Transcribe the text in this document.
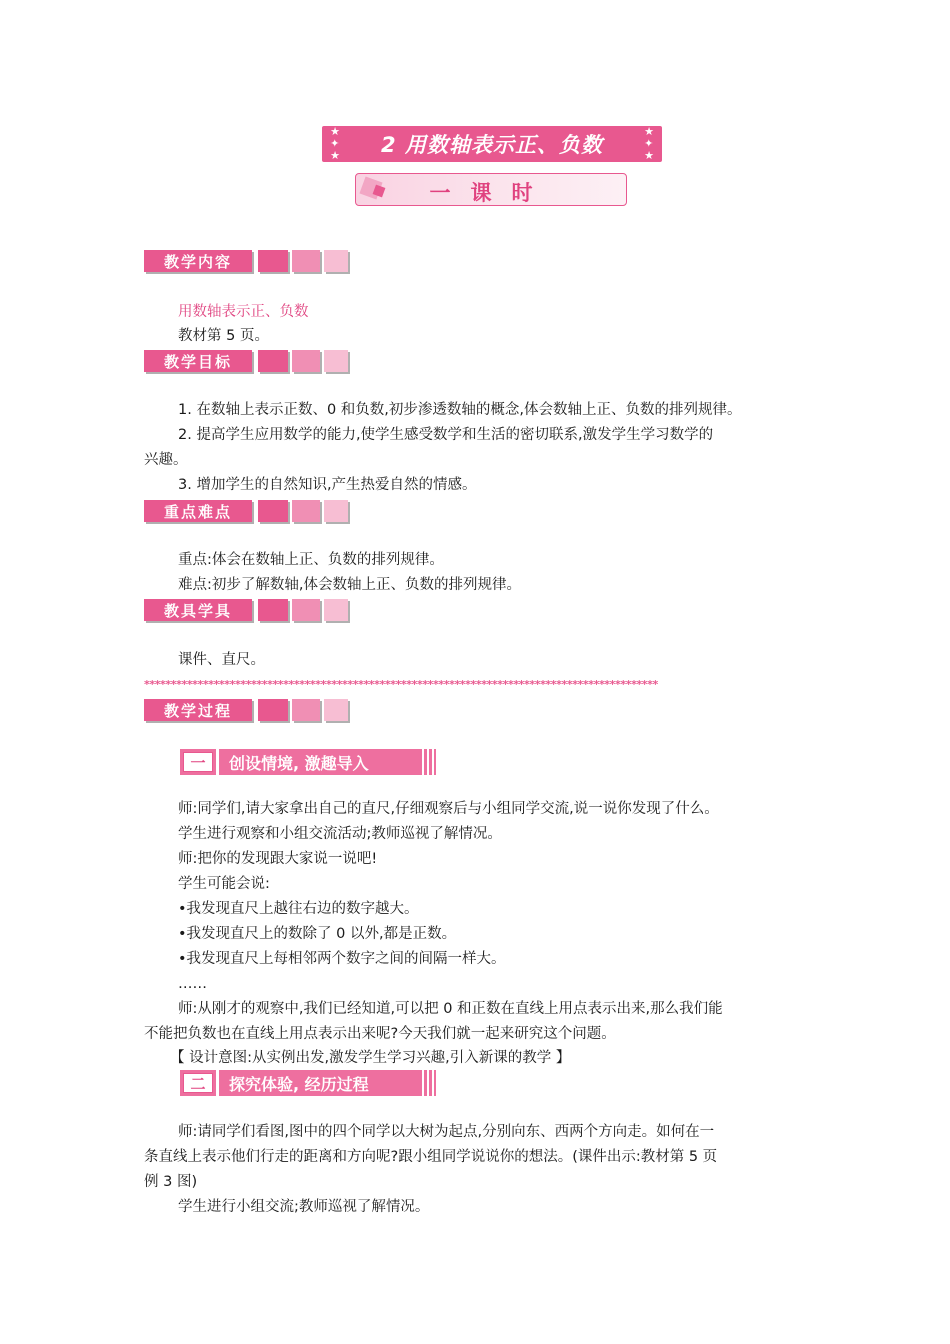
★
✦
★ 2 用数轴表示正、负数
★
✦
★
一课时
教学内容
用数轴表示正、负数
教材第 5 页。
教学目标
1. 在数轴上表示正数、0 和负数,初步渗透数轴的概念,体会数轴上正、负数的排列规律。
2. 提高学生应用数学的能力,使学生感受数学和生活的密切联系,激发学生学习数学的
兴趣。
3. 增加学生的自然知识,产生热爱自然的情感。
重点难点
重点:体会在数轴上正、负数的排列规律。
难点:初步了解数轴,体会数轴上正、负数的排列规律。
教具学具
课件、直尺。
************************************************************************************************
教学过程
一	创设情境, 激趣导入
师:同学们,请大家拿出自己的直尺,仔细观察后与小组同学交流,说一说你发现了什么。
学生进行观察和小组交流活动;教师巡视了解情况。
师:把你的发现跟大家说一说吧!
学生可能会说:
•我发现直尺上越往右边的数字越大。
•我发现直尺上的数除了 0 以外,都是正数。
•我发现直尺上每相邻两个数字之间的间隔一样大。
……
师:从刚才的观察中,我们已经知道,可以把 0 和正数在直线上用点表示出来,那么我们能
不能把负数也在直线上用点表示出来呢?今天我们就一起来研究这个问题。
【 设计意图:从实例出发,激发学生学习兴趣,引入新课的教学 】
二	探究体验, 经历过程
师:请同学们看图,图中的四个同学以大树为起点,分别向东、西两个方向走。如何在一
条直线上表示他们行走的距离和方向呢?跟小组同学说说你的想法。(课件出示:教材第 5 页
例 3 图)
学生进行小组交流;教师巡视了解情况。
